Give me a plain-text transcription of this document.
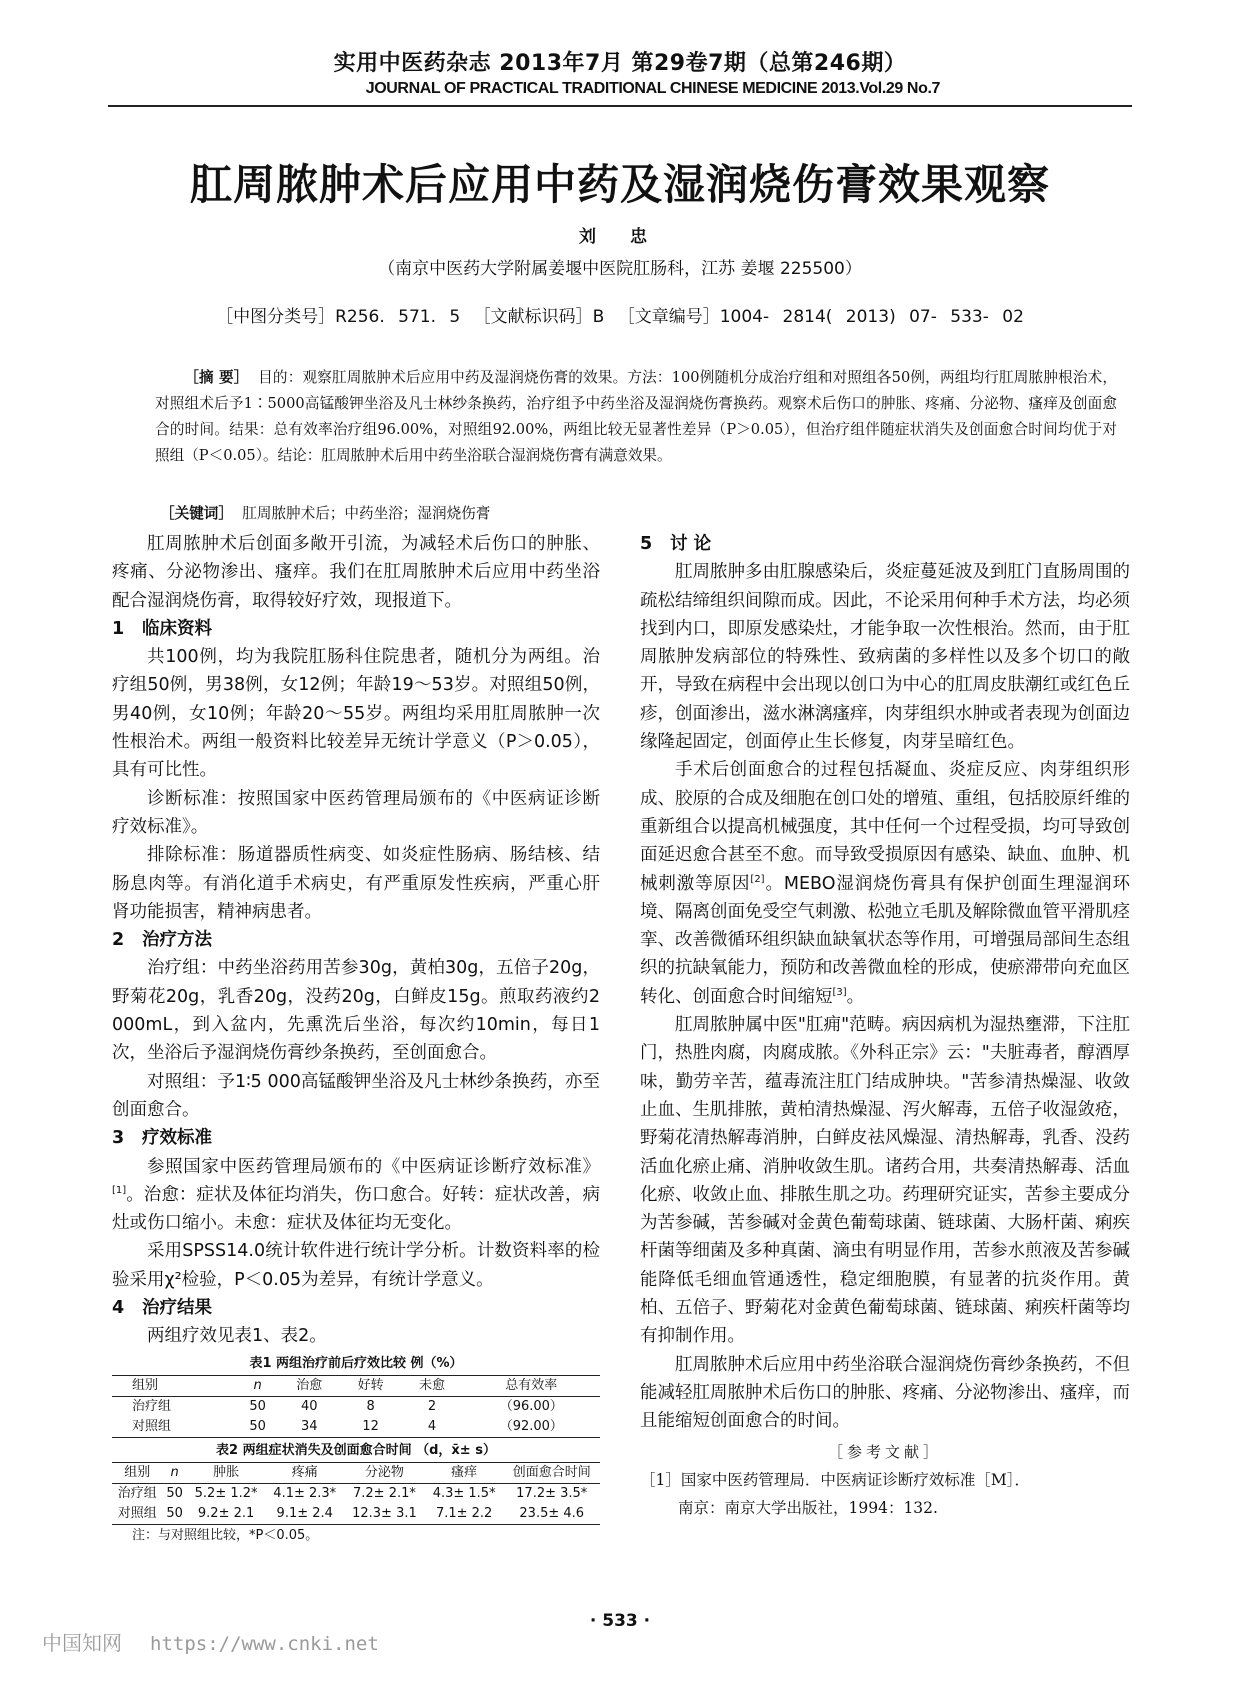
实用中医药杂志 2013年7月 第29卷7期（总第246期）
JOURNAL OF PRACTICAL TRADITIONAL CHINESE MEDICINE 2013.Vol.29 No.7
肛周脓肿术后应用中药及湿润烧伤膏效果观察
刘 忠
（南京中医药大学附属姜堰中医院肛肠科，江苏 姜堰 225500）
［中图分类号］R256. 571. 5 ［文献标识码］B ［文章编号］1004- 2814( 2013) 07- 533- 02
［摘 要］ 目的：观察肛周脓肿术后应用中药及湿润烧伤膏的效果。方法：100例随机分成治疗组和对照组各50例，两组均行肛周脓肿根治术，对照组术后予1∶5000高锰酸钾坐浴及凡士林纱条换药，治疗组予中药坐浴及湿润烧伤膏换药。观察术后伤口的肿胀、疼痛、分泌物、瘙痒及创面愈合的时间。结果：总有效率治疗组96.00%，对照组92.00%，两组比较无显著性差异（P＞0.05），但治疗组伴随症状消失及创面愈合时间均优于对照组（P＜0.05）。结论：肛周脓肿术后用中药坐浴联合湿润烧伤膏有满意效果。
［关键词］ 肛周脓肿术后；中药坐浴；湿润烧伤膏

肛周脓肿术后创面多敞开引流，为减轻术后伤口的肿胀、疼痛、分泌物渗出、瘙痒。我们在肛周脓肿术后应用中药坐浴配合湿润烧伤膏，取得较好疗效，现报道下。

1 临床资料

共100例，均为我院肛肠科住院患者，随机分为两组。治疗组50例，男38例，女12例；年龄19～53岁。对照组50例，男40例，女10例；年龄20～55岁。两组均采用肛周脓肿一次性根治术。两组一般资料比较差异无统计学意义（P＞0.05），具有可比性。

诊断标准：按照国家中医药管理局颁布的《中医病证诊断疗效标准》。

排除标准：肠道器质性病变、如炎症性肠病、肠结核、结肠息肉等。有消化道手术病史，有严重原发性疾病，严重心肝肾功能损害，精神病患者。

2 治疗方法

治疗组：中药坐浴药用苦参30g，黄柏30g，五倍子20g，野菊花20g，乳香20g，没药20g，白鲜皮15g。煎取药液约2 000mL，到入盆内，先熏洗后坐浴，每次约10min，每日1次，坐浴后予湿润烧伤膏纱条换药，至创面愈合。

对照组：予1∶5 000高锰酸钾坐浴及凡士林纱条换药，亦至创面愈合。

3 疗效标准

参照国家中医药管理局颁布的《中医病证诊断疗效标准》[1]。治愈：症状及体征均消失，伤口愈合。好转：症状改善，病灶或伤口缩小。未愈：症状及体征均无变化。

采用SPSS14.0统计软件进行统计学分析。计数资料率的检验采用χ²检验，P＜0.05为差异，有统计学意义。

4 治疗结果

两组疗效见表1、表2。

表1 两组治疗前后疗效比较 例（%）
组别	n	治愈	好转	未愈	总有效率
治疗组	50	40	8	2	（96.00）
对照组	50	34	12	4	（92.00）
表2 两组症状消失及创面愈合时间 （d，x̄± s）
组别	n	肿胀	疼痛	分泌物	瘙痒	创面愈合时间
治疗组	50	5.2± 1.2*	4.1± 2.3*	7.2± 2.1*	4.3± 1.5*	17.2± 3.5*
对照组	50	9.2± 2.1	9.1± 2.4	12.3± 3.1	7.1± 2.2	23.5± 4.6
注：与对照组比较，*P＜0.05。
5 讨 论

肛周脓肿多由肛腺感染后，炎症蔓延波及到肛门直肠周围的疏松结缔组织间隙而成。因此，不论采用何种手术方法，均必须找到内口，即原发感染灶，才能争取一次性根治。然而，由于肛周脓肿发病部位的特殊性、致病菌的多样性以及多个切口的敞开，导致在病程中会出现以创口为中心的肛周皮肤潮红或红色丘疹，创面渗出，滋水淋漓瘙痒，肉芽组织水肿或者表现为创面边缘隆起固定，创面停止生长修复，肉芽呈暗红色。

手术后创面愈合的过程包括凝血、炎症反应、肉芽组织形成、胶原的合成及细胞在创口处的增殖、重组，包括胶原纤维的重新组合以提高机械强度，其中任何一个过程受损，均可导致创面延迟愈合甚至不愈。而导致受损原因有感染、缺血、血肿、机械刺激等原因[2]。MEBO湿润烧伤膏具有保护创面生理湿润环境、隔离创面免受空气刺激、松弛立毛肌及解除微血管平滑肌痉挛、改善微循环组织缺血缺氧状态等作用，可增强局部间生态组织的抗缺氧能力，预防和改善微血栓的形成，使瘀滞带向充血区转化、创面愈合时间缩短[3]。

肛周脓肿属中医"肛痈"范畴。病因病机为湿热壅滞，下注肛门，热胜肉腐，肉腐成脓。《外科正宗》云："夫脏毒者，醇酒厚味，勤劳辛苦，蕴毒流注肛门结成肿块。"苦参清热燥湿、收敛止血、生肌排脓，黄柏清热燥湿、泻火解毒，五倍子收湿敛疮，野菊花清热解毒消肿，白鲜皮祛风燥湿、清热解毒，乳香、没药活血化瘀止痛、消肿收敛生肌。诸药合用，共奏清热解毒、活血化瘀、收敛止血、排脓生肌之功。药理研究证实，苦参主要成分为苦参碱，苦参碱对金黄色葡萄球菌、链球菌、大肠杆菌、痢疾杆菌等细菌及多种真菌、滴虫有明显作用，苦参水煎液及苦参碱能降低毛细血管通透性，稳定细胞膜，有显著的抗炎作用。黄柏、五倍子、野菊花对金黄色葡萄球菌、链球菌、痢疾杆菌等均有抑制作用。

肛周脓肿术后应用中药坐浴联合湿润烧伤膏纱条换药，不但能减轻肛周脓肿术后伤口的肿胀、疼痛、分泌物渗出、瘙痒，而且能缩短创面愈合的时间。

［参考文献］
［1］国家中医药管理局．中医病证诊断疗效标准［M］．
南京：南京大学出版社，1994：132.
· 533 ·
中国知网 https://www.cnki.net
